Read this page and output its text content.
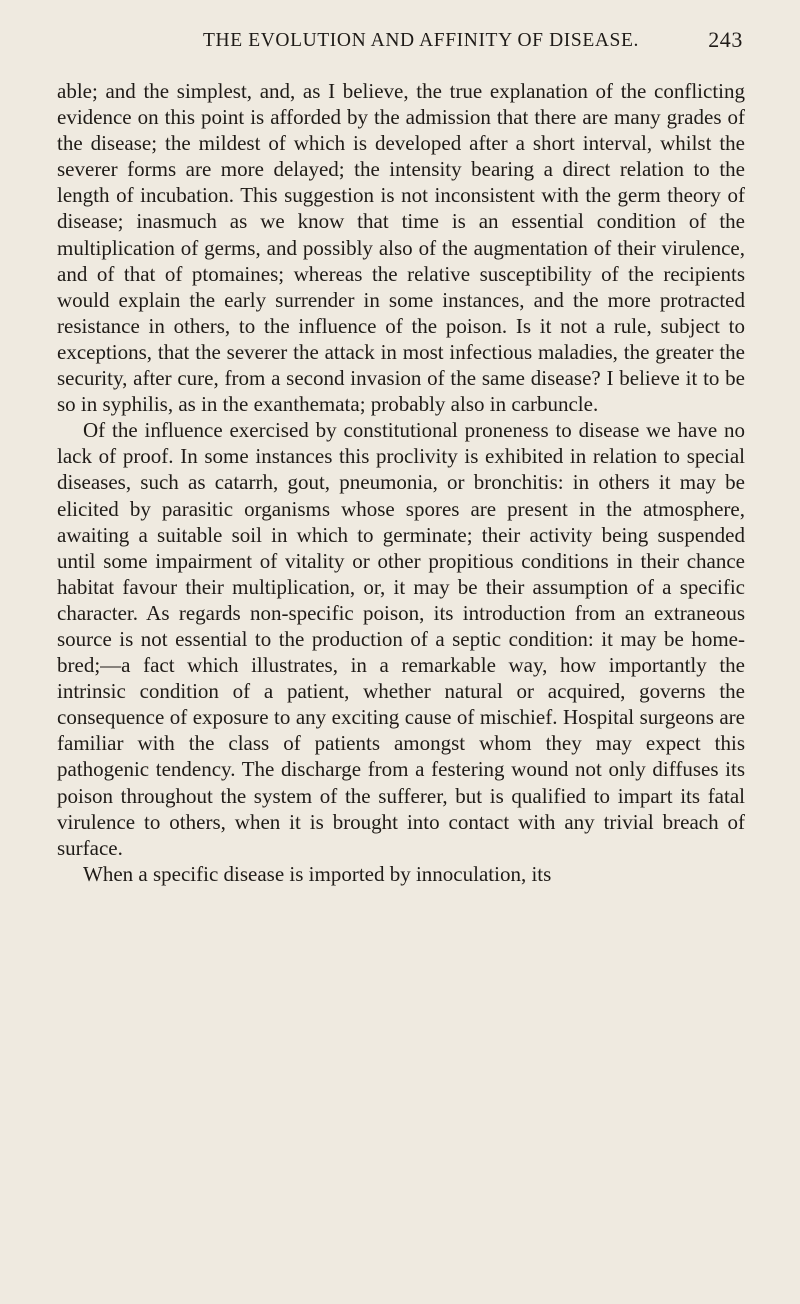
THE EVOLUTION AND AFFINITY OF DISEASE.	243

able; and the simplest, and, as I believe, the true explanation of the conflicting evidence on this point is afforded by the admission that there are many grades of the disease; the mildest of which is developed after a short interval, whilst the severer forms are more delayed; the intensity bearing a direct relation to the length of incubation. This suggestion is not inconsistent with the germ theory of disease; inasmuch as we know that time is an essential condition of the multiplication of germs, and possibly also of the augmentation of their virulence, and of that of ptomaines; whereas the relative susceptibility of the recipients would explain the early surrender in some instances, and the more protracted resistance in others, to the influence of the poison. Is it not a rule, subject to exceptions, that the severer the attack in most infectious maladies, the greater the security, after cure, from a second invasion of the same disease? I believe it to be so in syphilis, as in the exanthemata; probably also in carbuncle.

Of the influence exercised by constitutional proneness to disease we have no lack of proof. In some instances this proclivity is exhibited in relation to special diseases, such as catarrh, gout, pneumonia, or bronchitis: in others it may be elicited by parasitic organisms whose spores are present in the atmosphere, awaiting a suitable soil in which to germinate; their activity being suspended until some impairment of vitality or other propitious conditions in their chance habitat favour their multiplication, or, it may be their assumption of a specific character. As regards non-specific poison, its introduction from an extraneous source is not essential to the production of a septic condition: it may be home-bred;—a fact which illustrates, in a remarkable way, how importantly the intrinsic condition of a patient, whether natural or acquired, governs the consequence of exposure to any exciting cause of mischief. Hospital surgeons are familiar with the class of patients amongst whom they may expect this pathogenic tendency. The discharge from a festering wound not only diffuses its poison throughout the system of the sufferer, but is qualified to impart its fatal virulence to others, when it is brought into contact with any trivial breach of surface.

When a specific disease is imported by innoculation, its
